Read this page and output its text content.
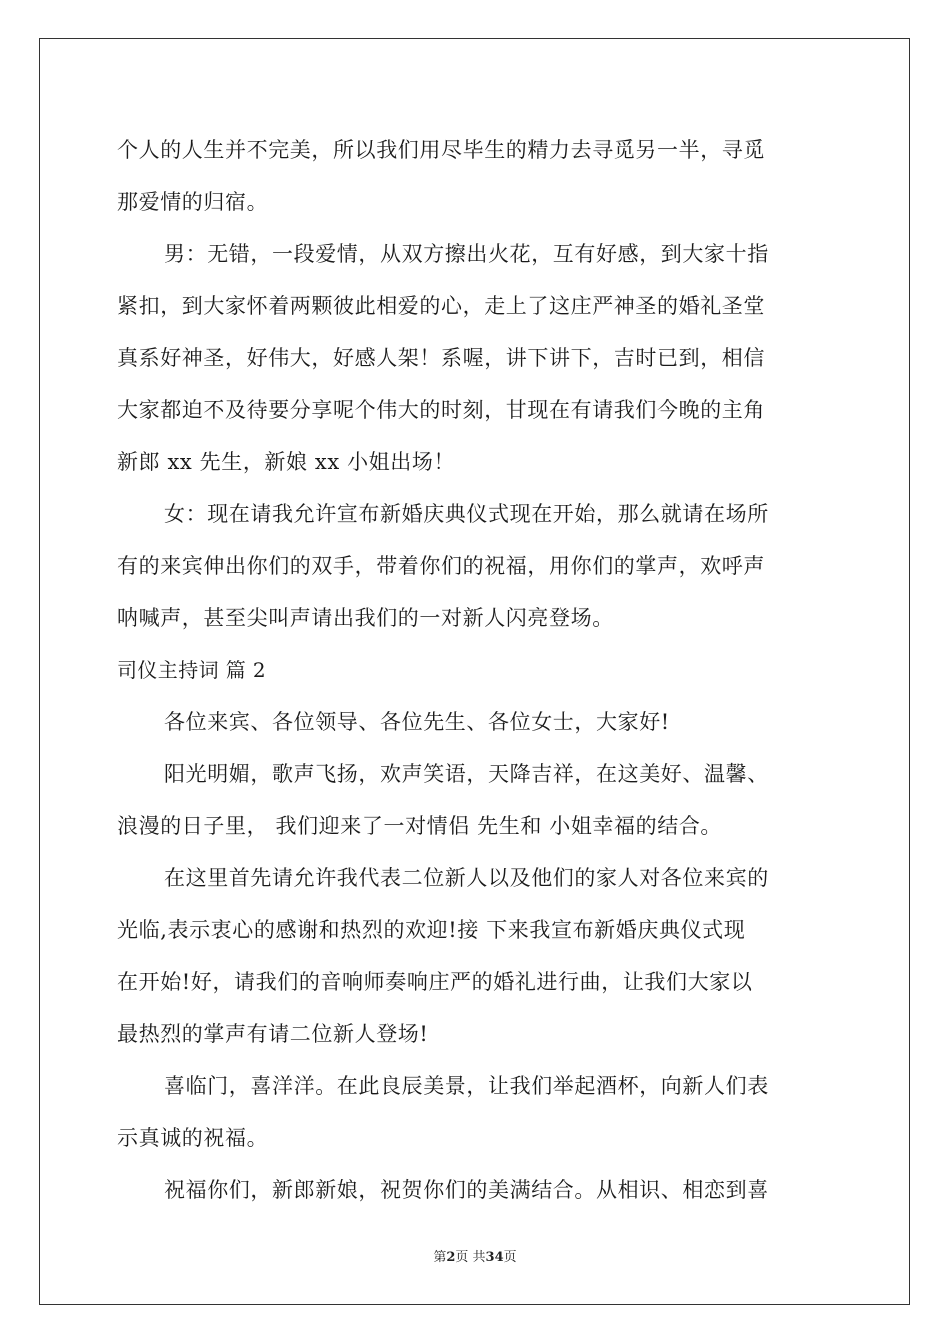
个人的人生并不完美，所以我们用尽毕生的精力去寻觅另一半，寻觅
那爱情的归宿。
男：无错，一段爱情，从双方擦出火花，互有好感，到大家十指
紧扣，到大家怀着两颗彼此相爱的心，走上了这庄严神圣的婚礼圣堂
真系好神圣，好伟大，好感人架！系喔，讲下讲下，吉时已到，相信
大家都迫不及待要分享呢个伟大的时刻，甘现在有请我们今晚的主角
新郎 xx 先生，新娘 xx 小姐出场！
女：现在请我允许宣布新婚庆典仪式现在开始，那么就请在场所
有的来宾伸出你们的双手，带着你们的祝福，用你们的掌声，欢呼声
呐喊声，甚至尖叫声请出我们的一对新人闪亮登场。
司仪主持词 篇 2
各位来宾、各位领导、各位先生、各位女士，大家好!
阳光明媚，歌声飞扬，欢声笑语，天降吉祥，在这美好、温馨、
浪漫的日子里， 我们迎来了一对情侣 先生和 小姐幸福的结合。
在这里首先请允许我代表二位新人以及他们的家人对各位来宾的
光临,表示衷心的感谢和热烈的欢迎!接 下来我宣布新婚庆典仪式现
在开始!好，请我们的音响师奏响庄严的婚礼进行曲，让我们大家以
最热烈的掌声有请二位新人登场!
喜临门，喜洋洋。在此良辰美景，让我们举起酒杯，向新人们表
示真诚的祝福。
祝福你们，新郎新娘，祝贺你们的美满结合。从相识、相恋到喜
第2页 共34页
